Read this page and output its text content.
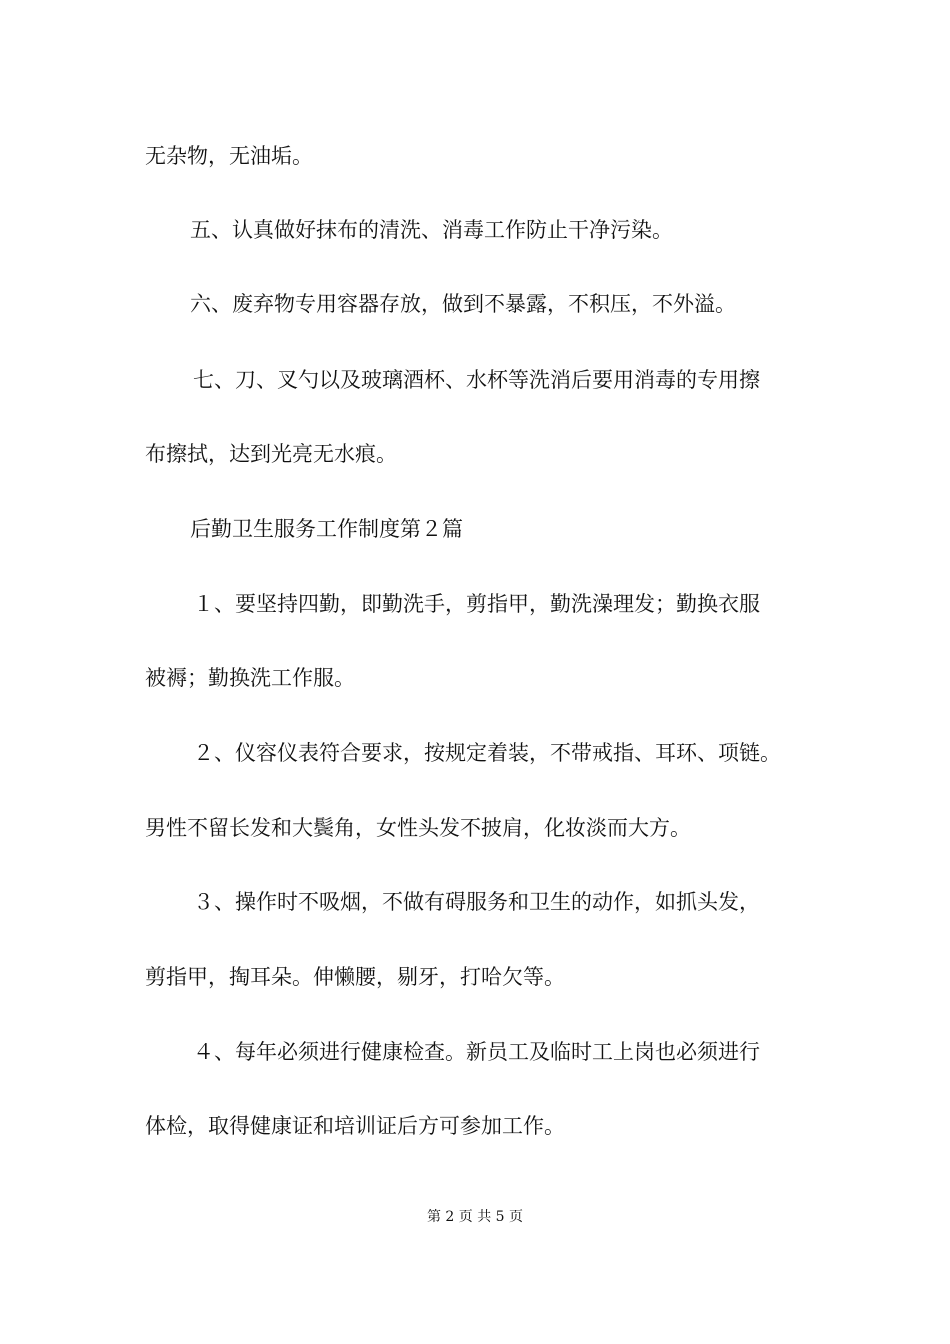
无杂物，无油垢。
五、认真做好抹布的清洗、消毒工作防止干净污染。
六、废弃物专用容器存放，做到不暴露，不积压，不外溢。
七、刀、叉勺以及玻璃酒杯、水杯等洗消后要用消毒的专用擦
布擦拭，达到光亮无水痕。
后勤卫生服务工作制度第２篇
１、要坚持四勤，即勤洗手，剪指甲，勤洗澡理发；勤换衣服
被褥；勤换洗工作服。
２、仪容仪表符合要求，按规定着装，不带戒指、耳环、项链。
男性不留长发和大鬓角，女性头发不披肩，化妆淡而大方。
３、操作时不吸烟，不做有碍服务和卫生的动作，如抓头发，
剪指甲，掏耳朵。伸懒腰，剔牙，打哈欠等。
４、每年必须进行健康检查。新员工及临时工上岗也必须进行
体检，取得健康证和培训证后方可参加工作。
第 2 页 共 5 页
